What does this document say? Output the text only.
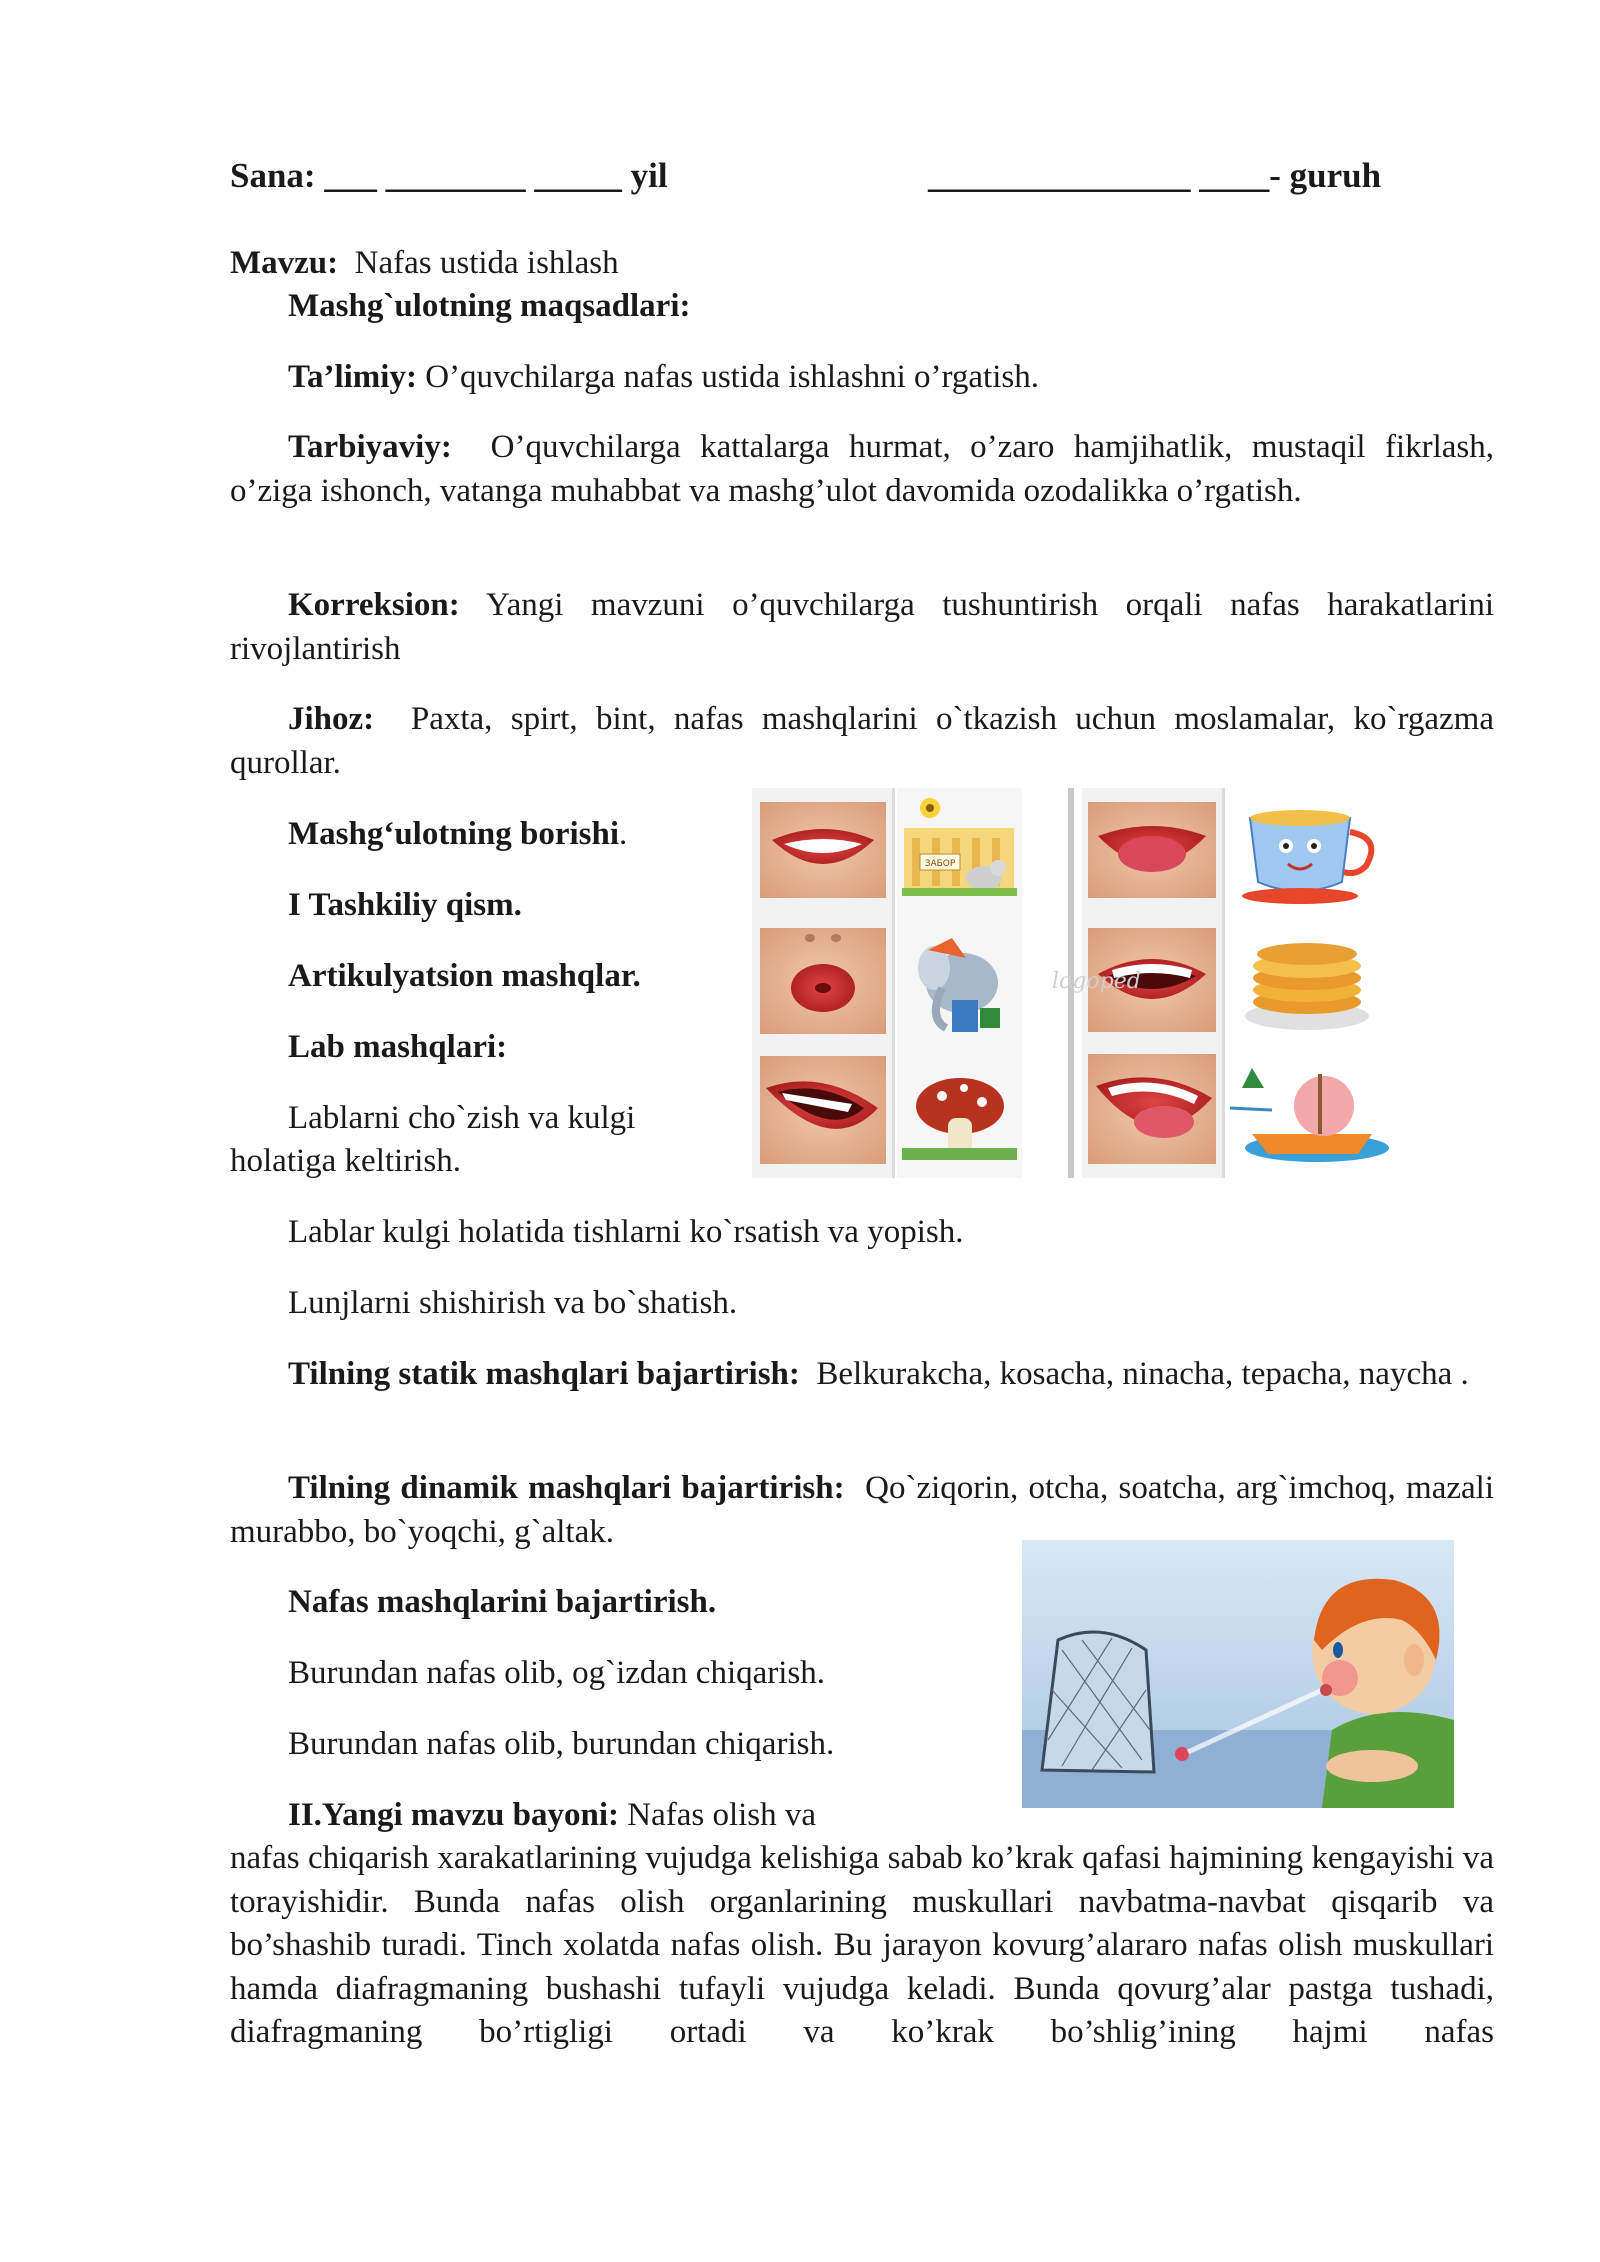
Sana: ___ ________ _____ yil	_______________ ____- guruh
Mavzu: Nafas ustida ishlash
Mashg`ulotning maqsadlari:
Ta’limiy: O’quvchilarga nafas ustida ishlashni o’rgatish.
Tarbiyaviy: O’quvchilarga kattalarga hurmat, o’zaro hamjihatlik, mustaqil fikrlash, o’ziga ishonch, vatanga muhabbat va mashg’ulot davomida ozodalikka o’rgatish.
Korreksion: Yangi mavzuni o’quvchilarga tushuntirish orqali nafas harakatlarini rivojlantirish
Jihoz: Paxta, spirt, bint, nafas mashqlarini o`tkazish uchun moslamalar, ko`rgazma qurollar.
Mashg‘ulotning borishi.
I Tashkiliy qism.
Artikulyatsion mashqlar.
Lab mashqlari:
Lablarni cho`zish va kulgi
holatiga keltirish.
ЗАБОР
logoped
Lablar kulgi holatida tishlarni ko`rsatish va yopish.
Lunjlarni shishirish va bo`shatish.
Tilning statik mashqlari bajartirish: Belkurakcha, kosacha, ninacha, tepacha, naycha .
Tilning dinamik mashqlari bajartirish: Qo`ziqorin, otcha, soatcha, arg`imchoq, mazali murabbo, bo`yoqchi, g`altak.
Nafas mashqlarini bajartirish.
Burundan nafas olib, og`izdan chiqarish.
Burundan nafas olib, burundan chiqarish.
II.Yangi mavzu bayoni: Nafas olish va
nafas chiqarish xarakatlarining vujudga kelishiga sabab ko’krak qafasi hajmining kengayishi va torayishidir. Bunda nafas olish organlarining muskullari navbatma-navbat qisqarib va bo’shashib turadi. Tinch xolatda nafas olish. Bu jarayon kovurg’alararo nafas olish muskullari hamda diafragmaning bushashi tufayli vujudga keladi. Bunda qovurg’alar pastga tushadi, diafragmaning bo’rtigligi ortadi va ko’krak bo’shlig’ining hajmi nafas
